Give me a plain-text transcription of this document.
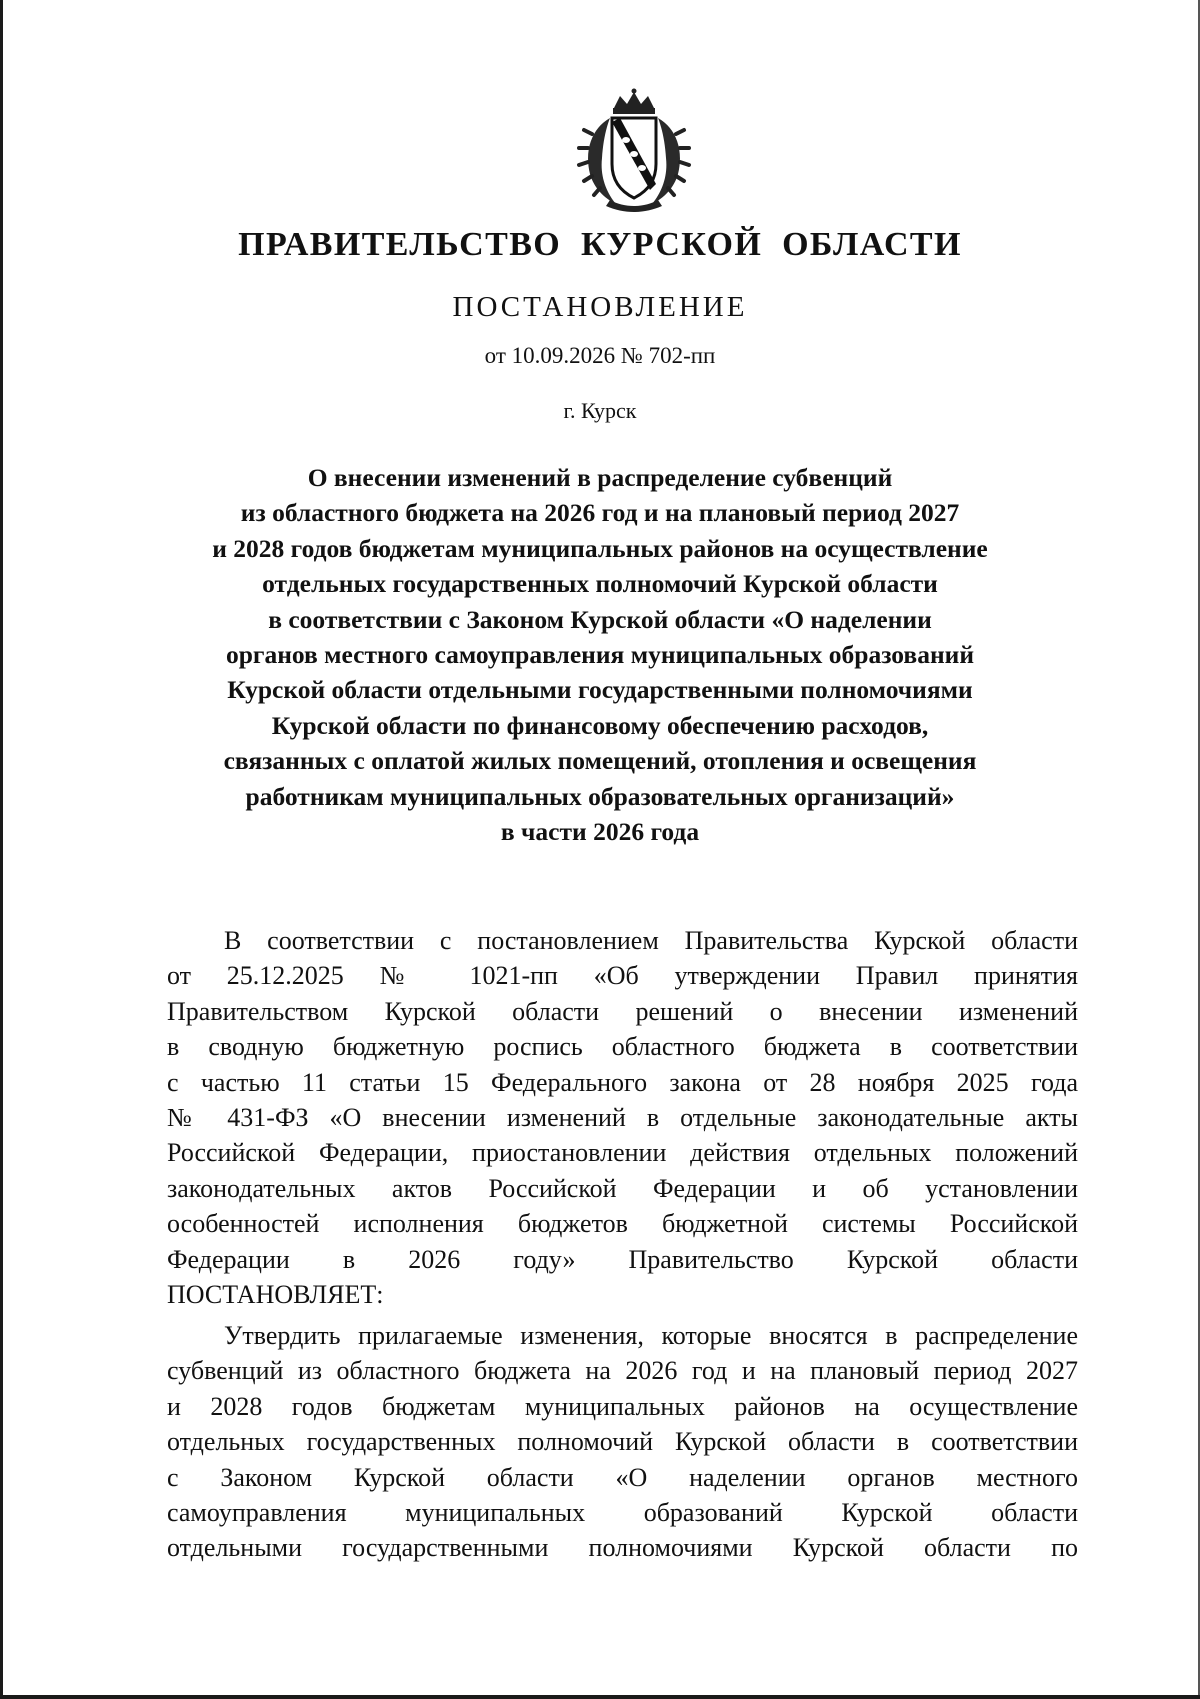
ПРАВИТЕЛЬСТВО КУРСКОЙ ОБЛАСТИ
ПОСТАНОВЛЕНИЕ
от 10.09.2026 № 702-пп
г. Курск
О внесении изменений в распределение субвенций
из областного бюджета на 2026 год и на плановый период 2027
и 2028 годов бюджетам муниципальных районов на осуществление
отдельных государственных полномочий Курской области
в соответствии с Законом Курской области «О наделении
органов местного самоуправления муниципальных образований
Курской области отдельными государственными полномочиями
Курской области по финансовому обеспечению расходов,
связанных с оплатой жилых помещений, отопления и освещения
работникам муниципальных образовательных организаций»
в части 2026 года
В соответствии с постановлением Правительства Курской области
от 25.12.2025 № 1021-пп «Об утверждении Правил принятия
Правительством Курской области решений о внесении изменений
в сводную бюджетную роспись областного бюджета в соответствии
с частью 11 статьи 15 Федерального закона от 28 ноября 2025 года
№ 431-ФЗ «О внесении изменений в отдельные законодательные акты
Российской Федерации, приостановлении действия отдельных положений
законодательных актов Российской Федерации и об установлении
особенностей исполнения бюджетов бюджетной системы Российской
Федерации в 2026 году» Правительство Курской области
ПОСТАНОВЛЯЕТ:
Утвердить прилагаемые изменения, которые вносятся в распределение
субвенций из областного бюджета на 2026 год и на плановый период 2027
и 2028 годов бюджетам муниципальных районов на осуществление
отдельных государственных полномочий Курской области в соответствии
с Законом Курской области «О наделении органов местного
самоуправления муниципальных образований Курской области
отдельными государственными полномочиями Курской области по
